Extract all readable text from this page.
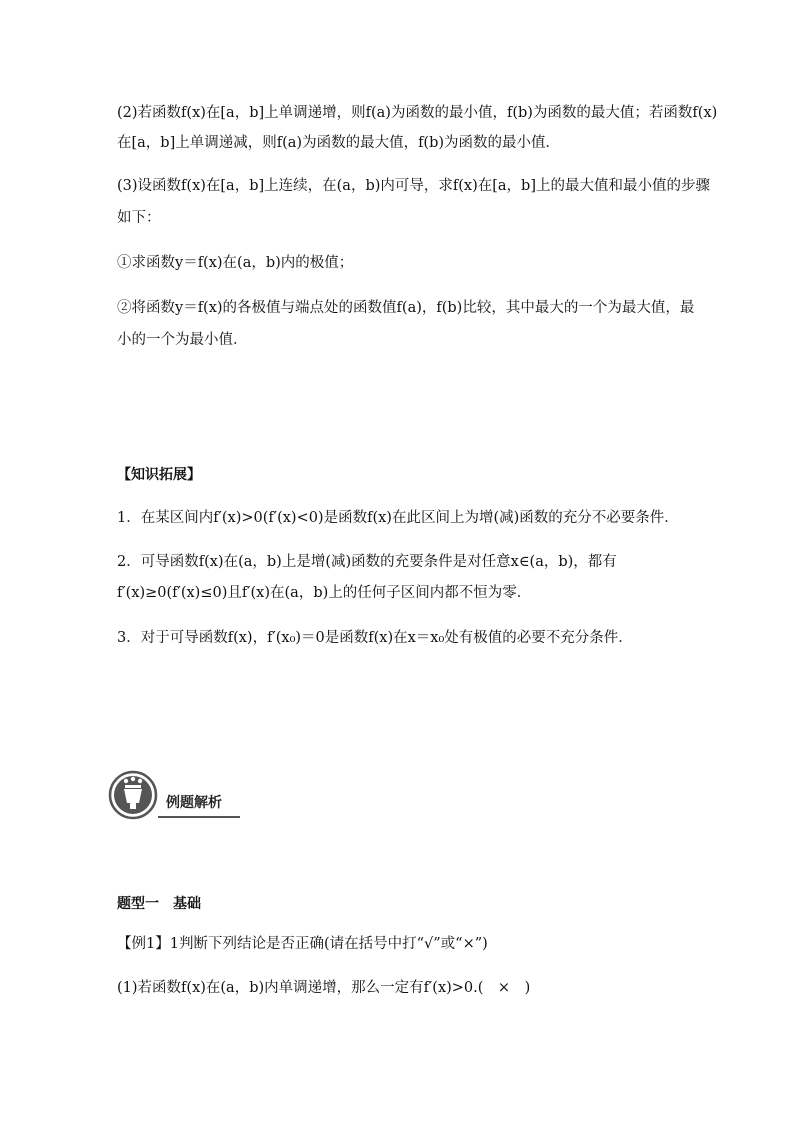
(2)若函数f(x)在[a，b]上单调递增，则f(a)为函数的最小值，f(b)为函数的最大值；若函数f(x)
在[a，b]上单调递减，则f(a)为函数的最大值，f(b)为函数的最小值．
(3)设函数f(x)在[a，b]上连续，在(a，b)内可导，求f(x)在[a，b]上的最大值和最小值的步骤
如下：
①求函数y＝f(x)在(a，b)内的极值；
②将函数y＝f(x)的各极值与端点处的函数值f(a)，f(b)比较，其中最大的一个为最大值，最
小的一个为最小值．
【知识拓展】
1．在某区间内f′(x)>0(f′(x)<0)是函数f(x)在此区间上为增(减)函数的充分不必要条件．
2．可导函数f(x)在(a，b)上是增(减)函数的充要条件是对任意x∈(a，b)，都有
f′(x)≥0(f′(x)≤0)且f′(x)在(a，b)上的任何子区间内都不恒为零．
3．对于可导函数f(x)，f′(x₀)＝0是函数f(x)在x＝x₀处有极值的必要不充分条件．
例题解析
题型一　基础
【例1】1判断下列结论是否正确(请在括号中打“√”或“×”)
(1)若函数f(x)在(a，b)内单调递增，那么一定有f′(x)>0.(　×　)
